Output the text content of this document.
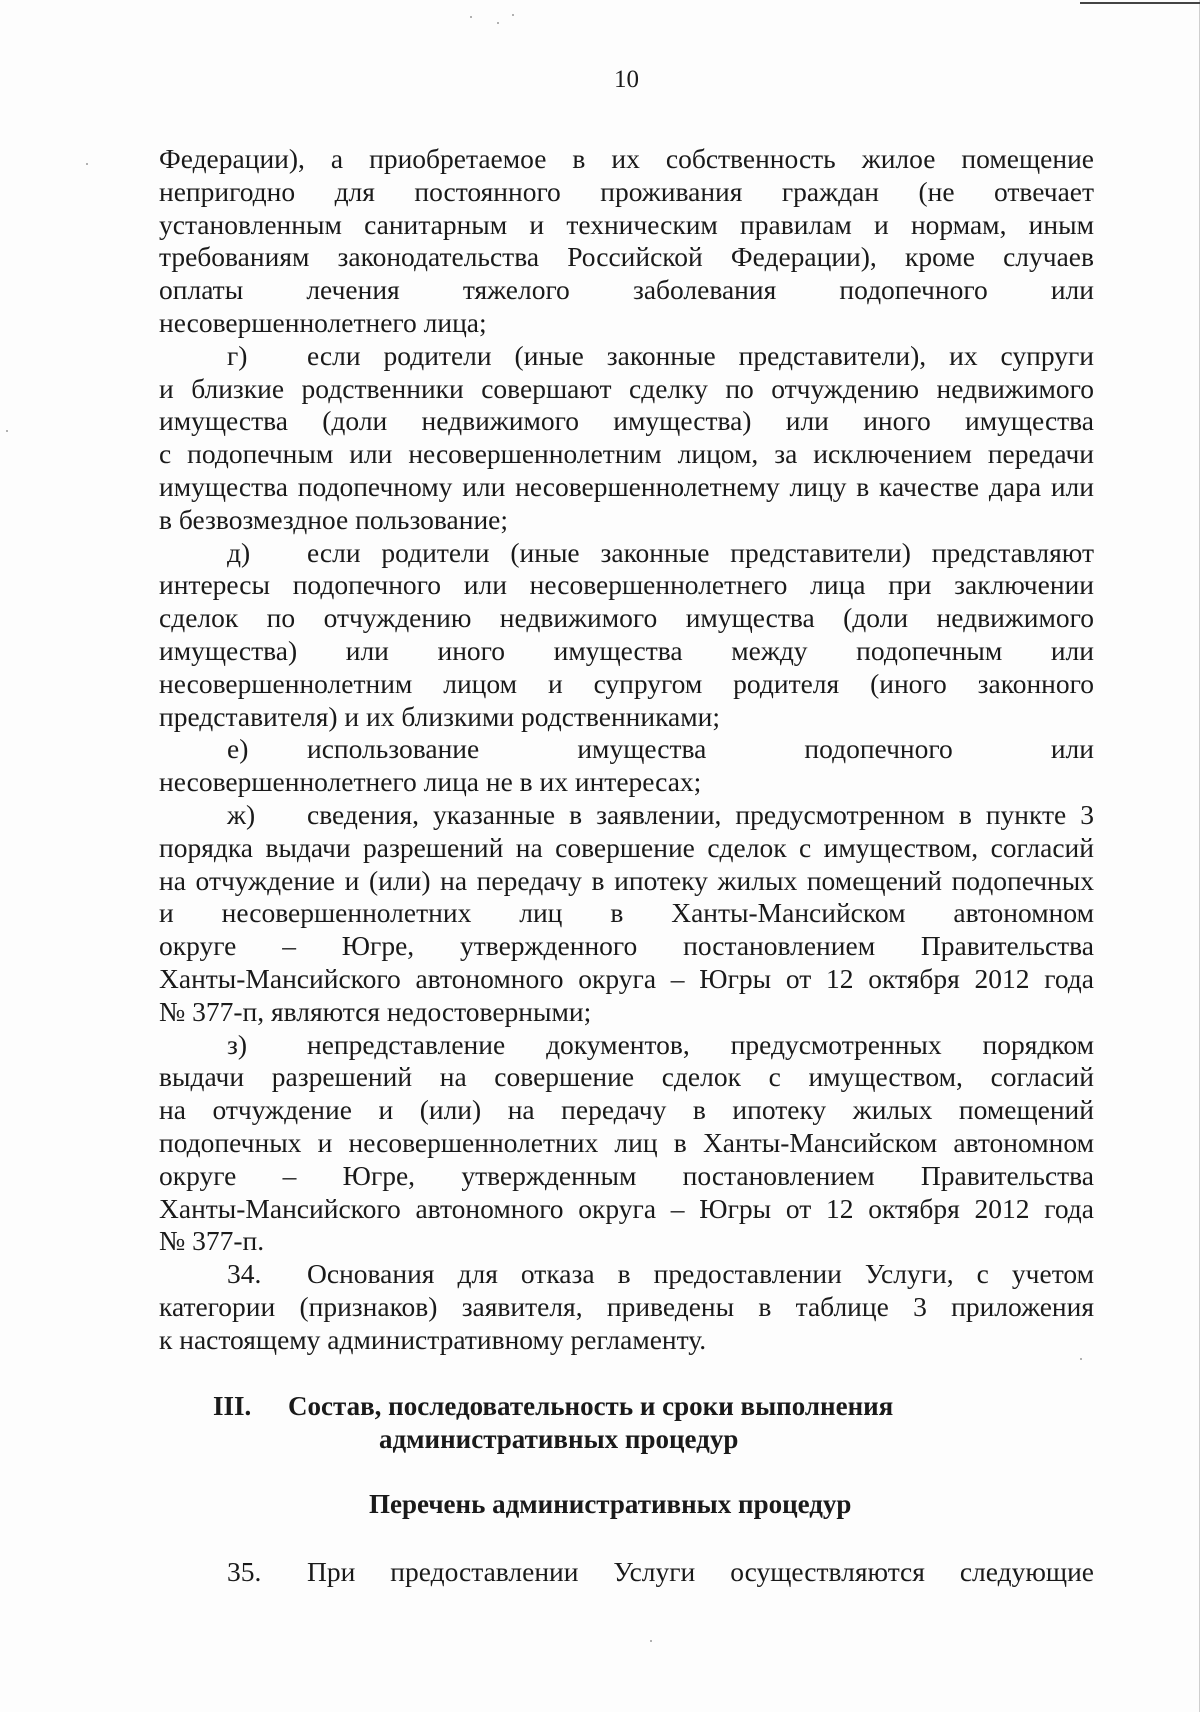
10
Федерации), а приобретаемое в их собственность жилое помещение
непригодно для постоянного проживания граждан (не отвечает
установленным санитарным и техническим правилам и нормам, иным
требованиям законодательства Российской Федерации), кроме случаев
оплаты лечения тяжелого заболевания подопечного или
несовершеннолетнего лица;
г) если родители (иные законные представители), их супруги
и близкие родственники совершают сделку по отчуждению недвижимого
имущества (доли недвижимого имущества) или иного имущества
с подопечным или несовершеннолетним лицом, за исключением передачи
имущества подопечному или несовершеннолетнему лицу в качестве дара или
в безвозмездное пользование;
д) если родители (иные законные представители) представляют
интересы подопечного или несовершеннолетнего лица при заключении
сделок по отчуждению недвижимого имущества (доли недвижимого
имущества) или иного имущества между подопечным или
несовершеннолетним лицом и супругом родителя (иного законного
представителя) и их близкими родственниками;
е) использование имущества подопечного или
несовершеннолетнего лица не в их интересах;
ж) сведения, указанные в заявлении, предусмотренном в пункте 3
порядка выдачи разрешений на совершение сделок с имуществом, согласий
на отчуждение и (или) на передачу в ипотеку жилых помещений подопечных
и несовершеннолетних лиц в Ханты-Мансийском автономном
округе – Югре, утвержденного постановлением Правительства
Ханты-Мансийского автономного округа – Югры от 12 октября 2012 года
№ 377-п, являются недостоверными;
з) непредставление документов, предусмотренных порядком
выдачи разрешений на совершение сделок с имуществом, согласий
на отчуждение и (или) на передачу в ипотеку жилых помещений
подопечных и несовершеннолетних лиц в Ханты-Мансийском автономном
округе – Югре, утвержденным постановлением Правительства
Ханты-Мансийского автономного округа – Югры от 12 октября 2012 года
№ 377-п.
34. Основания для отказа в предоставлении Услуги, с учетом
категории (признаков) заявителя, приведены в таблице 3 приложения
к настоящему административному регламенту.
III. Состав, последовательность и сроки выполнения
административных процедур
Перечень административных процедур
35. При предоставлении Услуги осуществляются следующие
